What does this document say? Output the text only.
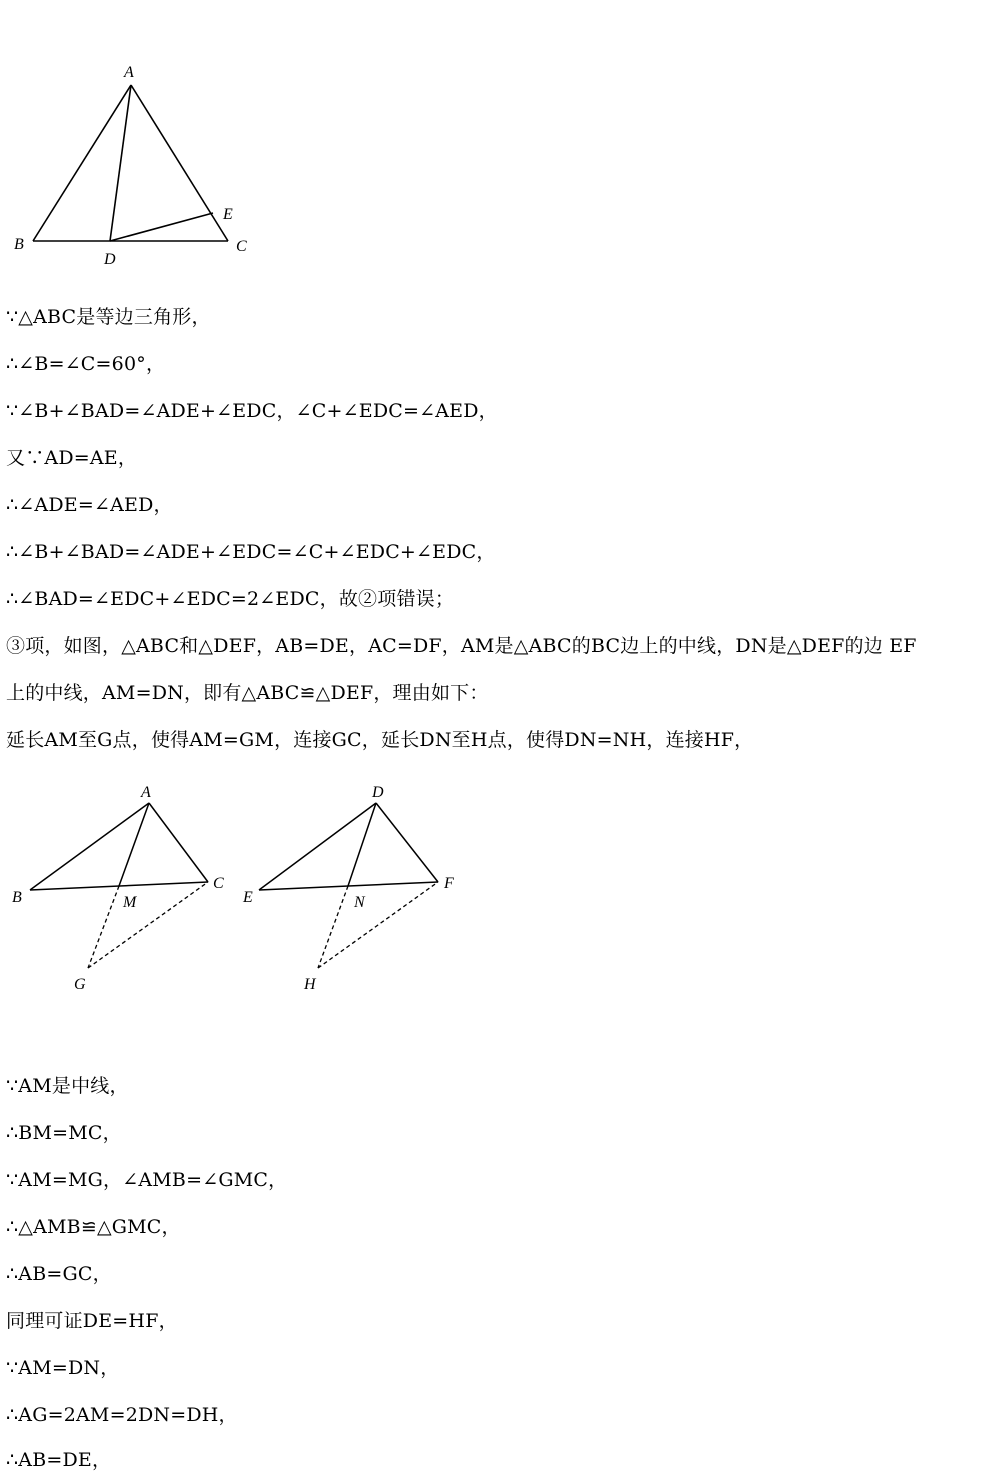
A
B	C
D
E
∵△ABC是等边三角形，
∴∠B=∠C=60°，
∵∠B+∠BAD=∠ADE+∠EDC，∠C+∠EDC=∠AED，
又∵AD=AE，
∴∠ADE=∠AED，
∴∠B+∠BAD=∠ADE+∠EDC=∠C+∠EDC+∠EDC，
∴∠BAD=∠EDC+∠EDC=2∠EDC，故②项错误；
③项，如图，△ABC和△DEF，AB=DE，AC=DF，AM是△ABC的BC边上的中线，DN是△DEF的边 EF
上的中线，AM=DN，即有△ABC≌△DEF，理由如下：
延长AM至G点，使得AM=GM，连接GC，延长DN至H点，使得DN=NH，连接HF，
A
B
C
M
G
D
E
F
N
H
∵AM是中线，
∴BM=MC，
∵AM=MG，∠AMB=∠GMC，
∴△AMB≌△GMC，
∴AB=GC，
同理可证DE=HF，
∵AM=DN，
∴AG=2AM=2DN=DH，
∴AB=DE，
